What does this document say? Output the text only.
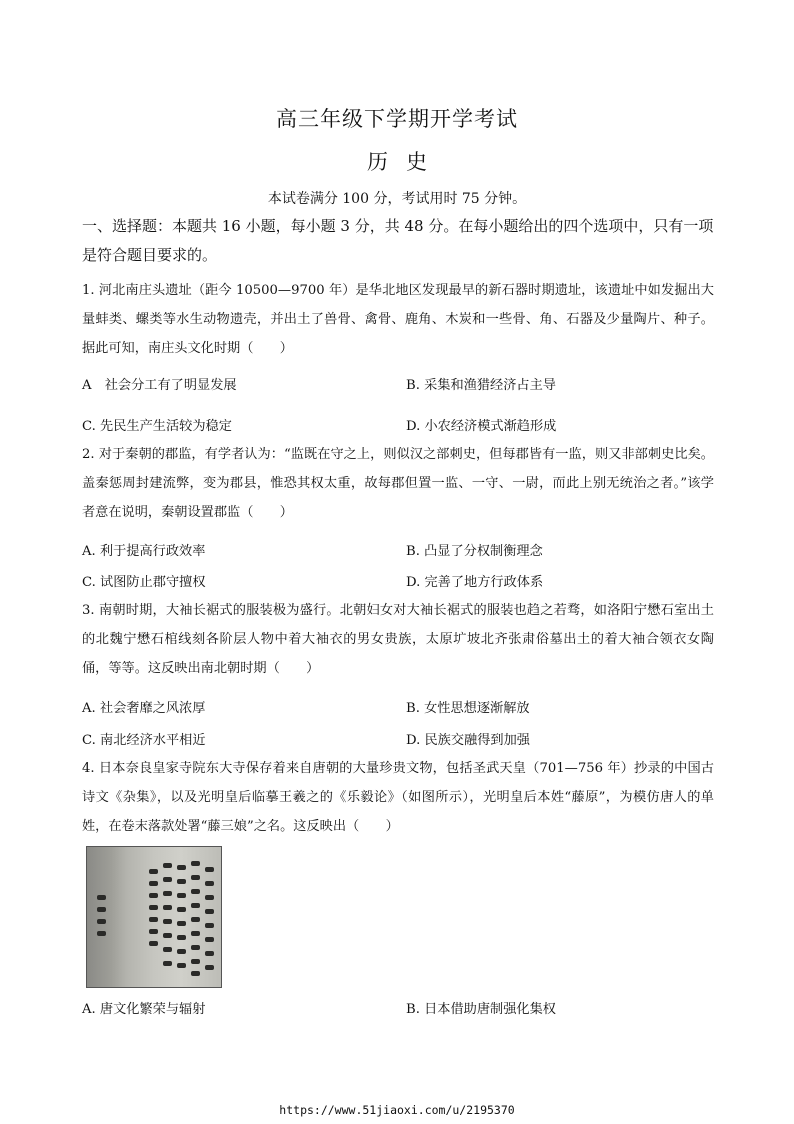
高三年级下学期开学考试
历史
本试卷满分 100 分，考试用时 75 分钟。
一、选择题：本题共 16 小题，每小题 3 分，共 48 分。在每小题给出的四个选项中，只有一项是符合题目要求的。
1. 河北南庄头遗址（距今 10500—9700 年）是华北地区发现最早的新石器时期遗址，该遗址中如发掘出大量蚌类、螺类等水生动物遗壳，并出土了兽骨、禽骨、鹿角、木炭和一些骨、角、石器及少量陶片、种子。据此可知，南庄头文化时期（　　）
A　社会分工有了明显发展	B. 采集和渔猎经济占主导
C. 先民生产生活较为稳定	D. 小农经济模式渐趋形成
2. 对于秦朝的郡监，有学者认为：“监既在守之上，则似汉之部刺史，但每郡皆有一监，则又非部刺史比矣。盖秦惩周封建流弊，变为郡县，惟恐其权太重，故每郡但置一监、一守、一尉，而此上别无统治之者。”该学者意在说明，秦朝设置郡监（　　）
A. 利于提高行政效率	B. 凸显了分权制衡理念
C. 试图防止郡守擅权	D. 完善了地方行政体系
3. 南朝时期，大袖长裾式的服装极为盛行。北朝妇女对大袖长裾式的服装也趋之若骛，如洛阳宁懋石室出土的北魏宁懋石棺线刻各阶层人物中着大袖衣的男女贵族，太原圹坡北齐张肃俗墓出土的着大袖合领衣女陶俑，等等。这反映出南北朝时期（　　）
A. 社会奢靡之风浓厚	B. 女性思想逐渐解放
C. 南北经济水平相近	D. 民族交融得到加强
4. 日本奈良皇家寺院东大寺保存着来自唐朝的大量珍贵文物，包括圣武天皇（701—756 年）抄录的中国古诗文《杂集》，以及光明皇后临摹王羲之的《乐毅论》（如图所示），光明皇后本姓“藤原”，为模仿唐人的单姓，在卷末落款处署“藤三娘”之名。这反映出（　　）
A. 唐文化繁荣与辐射	B. 日本借助唐制强化集权
https://www.51jiaoxi.com/u/2195370
